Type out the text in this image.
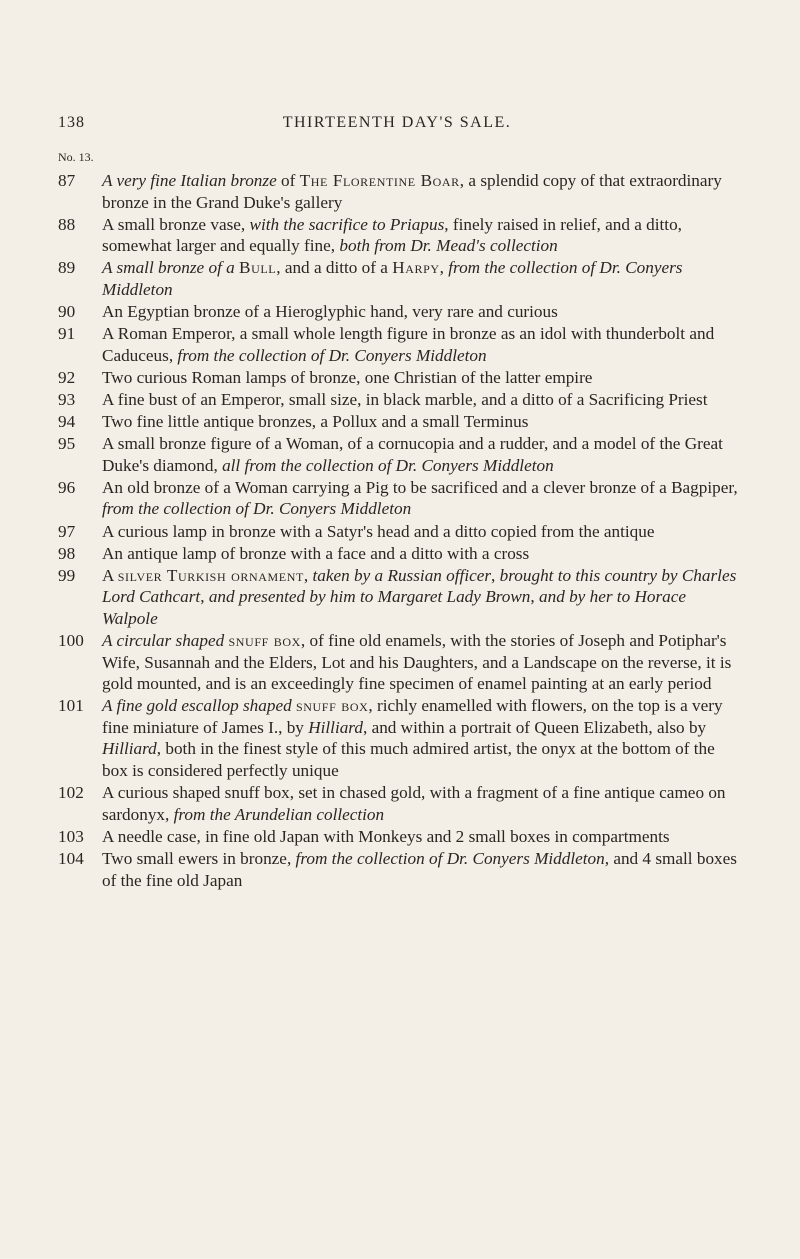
138	THIRTEENTH DAY'S SALE.
No. 13.
87	A very fine Italian bronze of The Florentine Boar, a splendid copy of that extraordinary bronze in the Grand Duke's gallery
88	A small bronze vase, with the sacrifice to Priapus, finely raised in relief, and a ditto, somewhat larger and equally fine, both from Dr. Mead's collection
89	A small bronze of a Bull, and a ditto of a Harpy, from the collection of Dr. Conyers Middleton
90	An Egyptian bronze of a Hieroglyphic hand, very rare and curious
91	A Roman Emperor, a small whole length figure in bronze as an idol with thunderbolt and Caduceus, from the collection of Dr. Conyers Middleton
92	Two curious Roman lamps of bronze, one Christian of the latter empire
93	A fine bust of an Emperor, small size, in black marble, and a ditto of a Sacrificing Priest
94	Two fine little antique bronzes, a Pollux and a small Terminus
95	A small bronze figure of a Woman, of a cornucopia and a rudder, and a model of the Great Duke's diamond, all from the collection of Dr. Conyers Middleton
96	An old bronze of a Woman carrying a Pig to be sacrificed and a clever bronze of a Bagpiper, from the collection of Dr. Conyers Middleton
97	A curious lamp in bronze with a Satyr's head and a ditto copied from the antique
98	An antique lamp of bronze with a face and a ditto with a cross
99	A silver Turkish ornament, taken by a Russian officer, brought to this country by Charles Lord Cathcart, and presented by him to Margaret Lady Brown, and by her to Horace Walpole
100	A circular shaped snuff box, of fine old enamels, with the stories of Joseph and Potiphar's Wife, Susannah and the Elders, Lot and his Daughters, and a Landscape on the reverse, it is gold mounted, and is an exceedingly fine specimen of enamel painting at an early period
101	A fine gold escallop shaped snuff box, richly enamelled with flowers, on the top is a very fine miniature of James I., by Hilliard, and within a portrait of Queen Elizabeth, also by Hilliard, both in the finest style of this much admired artist, the onyx at the bottom of the box is considered perfectly unique
102	A curious shaped snuff box, set in chased gold, with a fragment of a fine antique cameo on sardonyx, from the Arundelian collection
103	A needle case, in fine old Japan with Monkeys and 2 small boxes in compartments
104	Two small ewers in bronze, from the collection of Dr. Conyers Middleton, and 4 small boxes of the fine old Japan
